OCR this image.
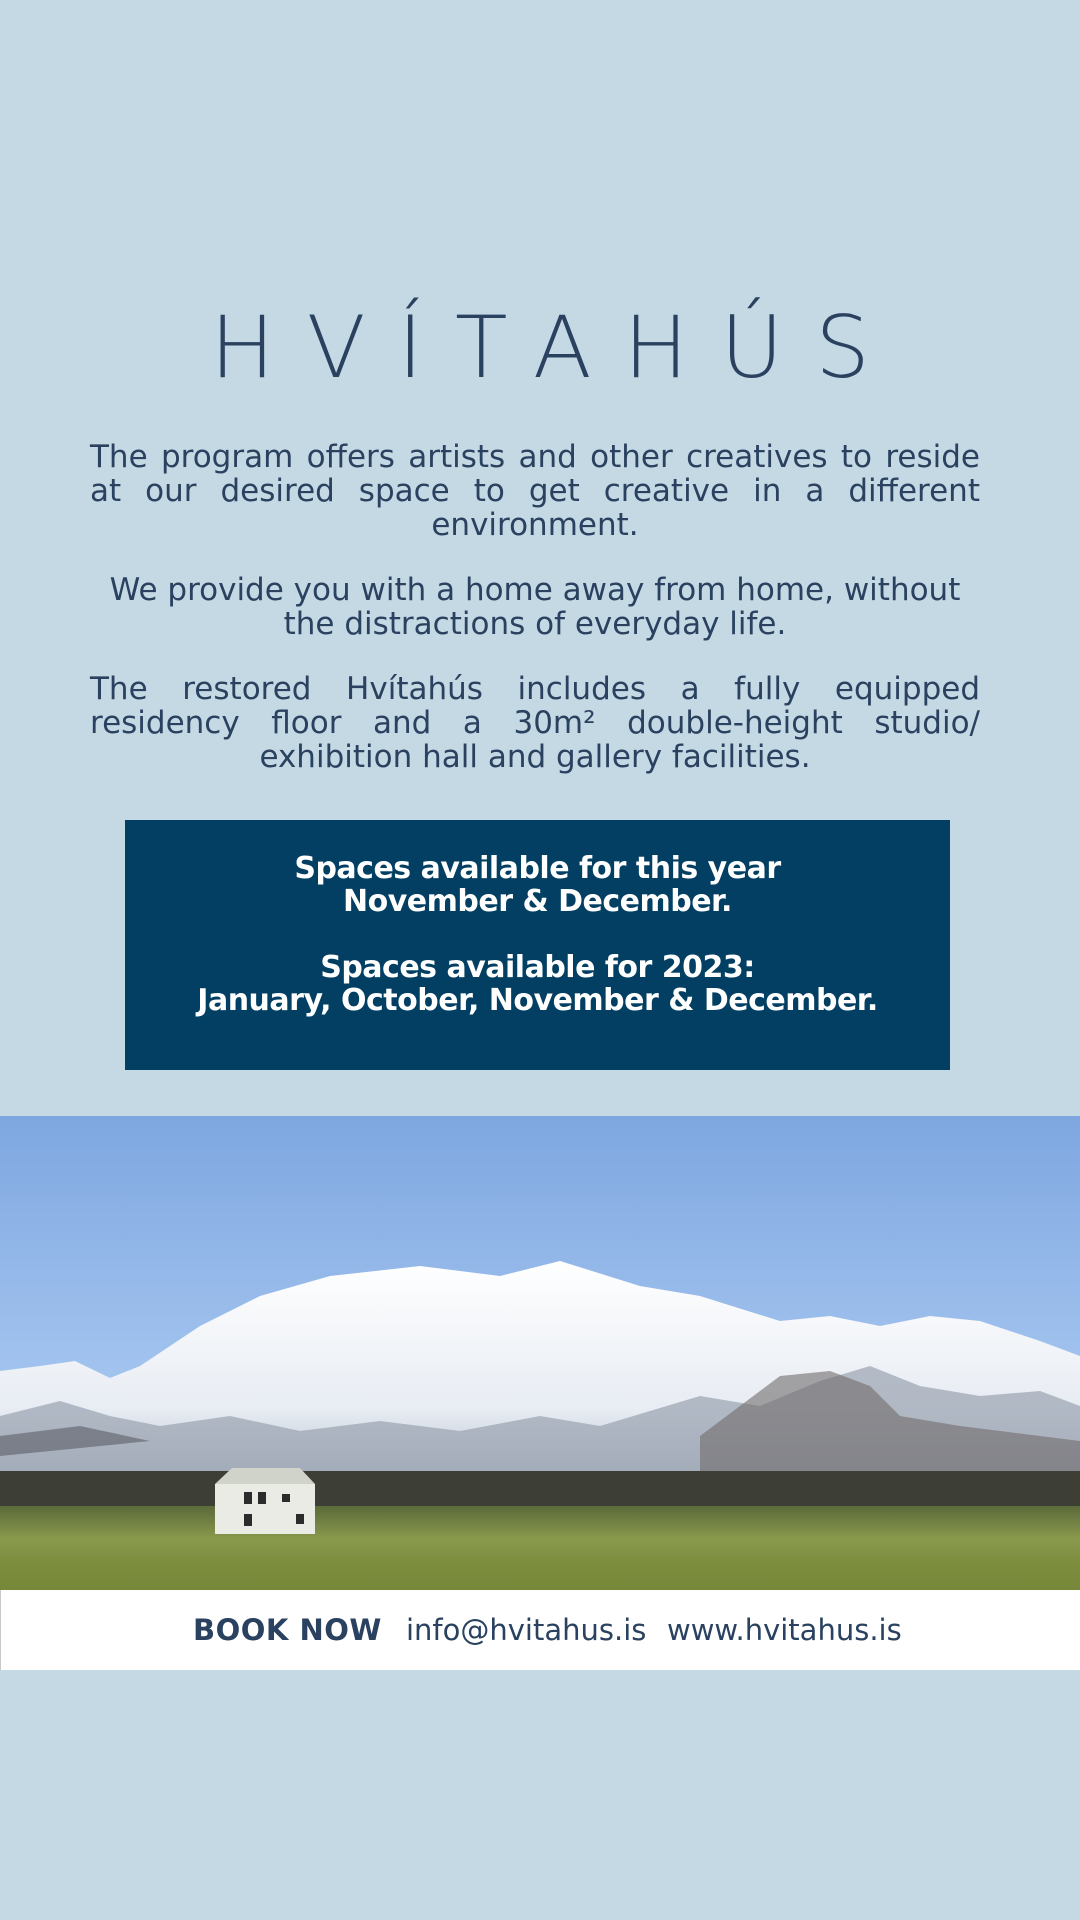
HVÍTAHÚS

The program offers artists and other creatives to reside at our desired space to get creative in a different environment.

We provide you with a home away from home, without the distractions of everyday life.

The restored Hvítahús includes a fully equipped residency floor and a 30m² double-height studio/ exhibition hall and gallery facilities.

Spaces available for this year
November & December.
Spaces available for 2023:
January, October, November & December.
BOOK NOW info@hvitahus.is www.hvitahus.is
